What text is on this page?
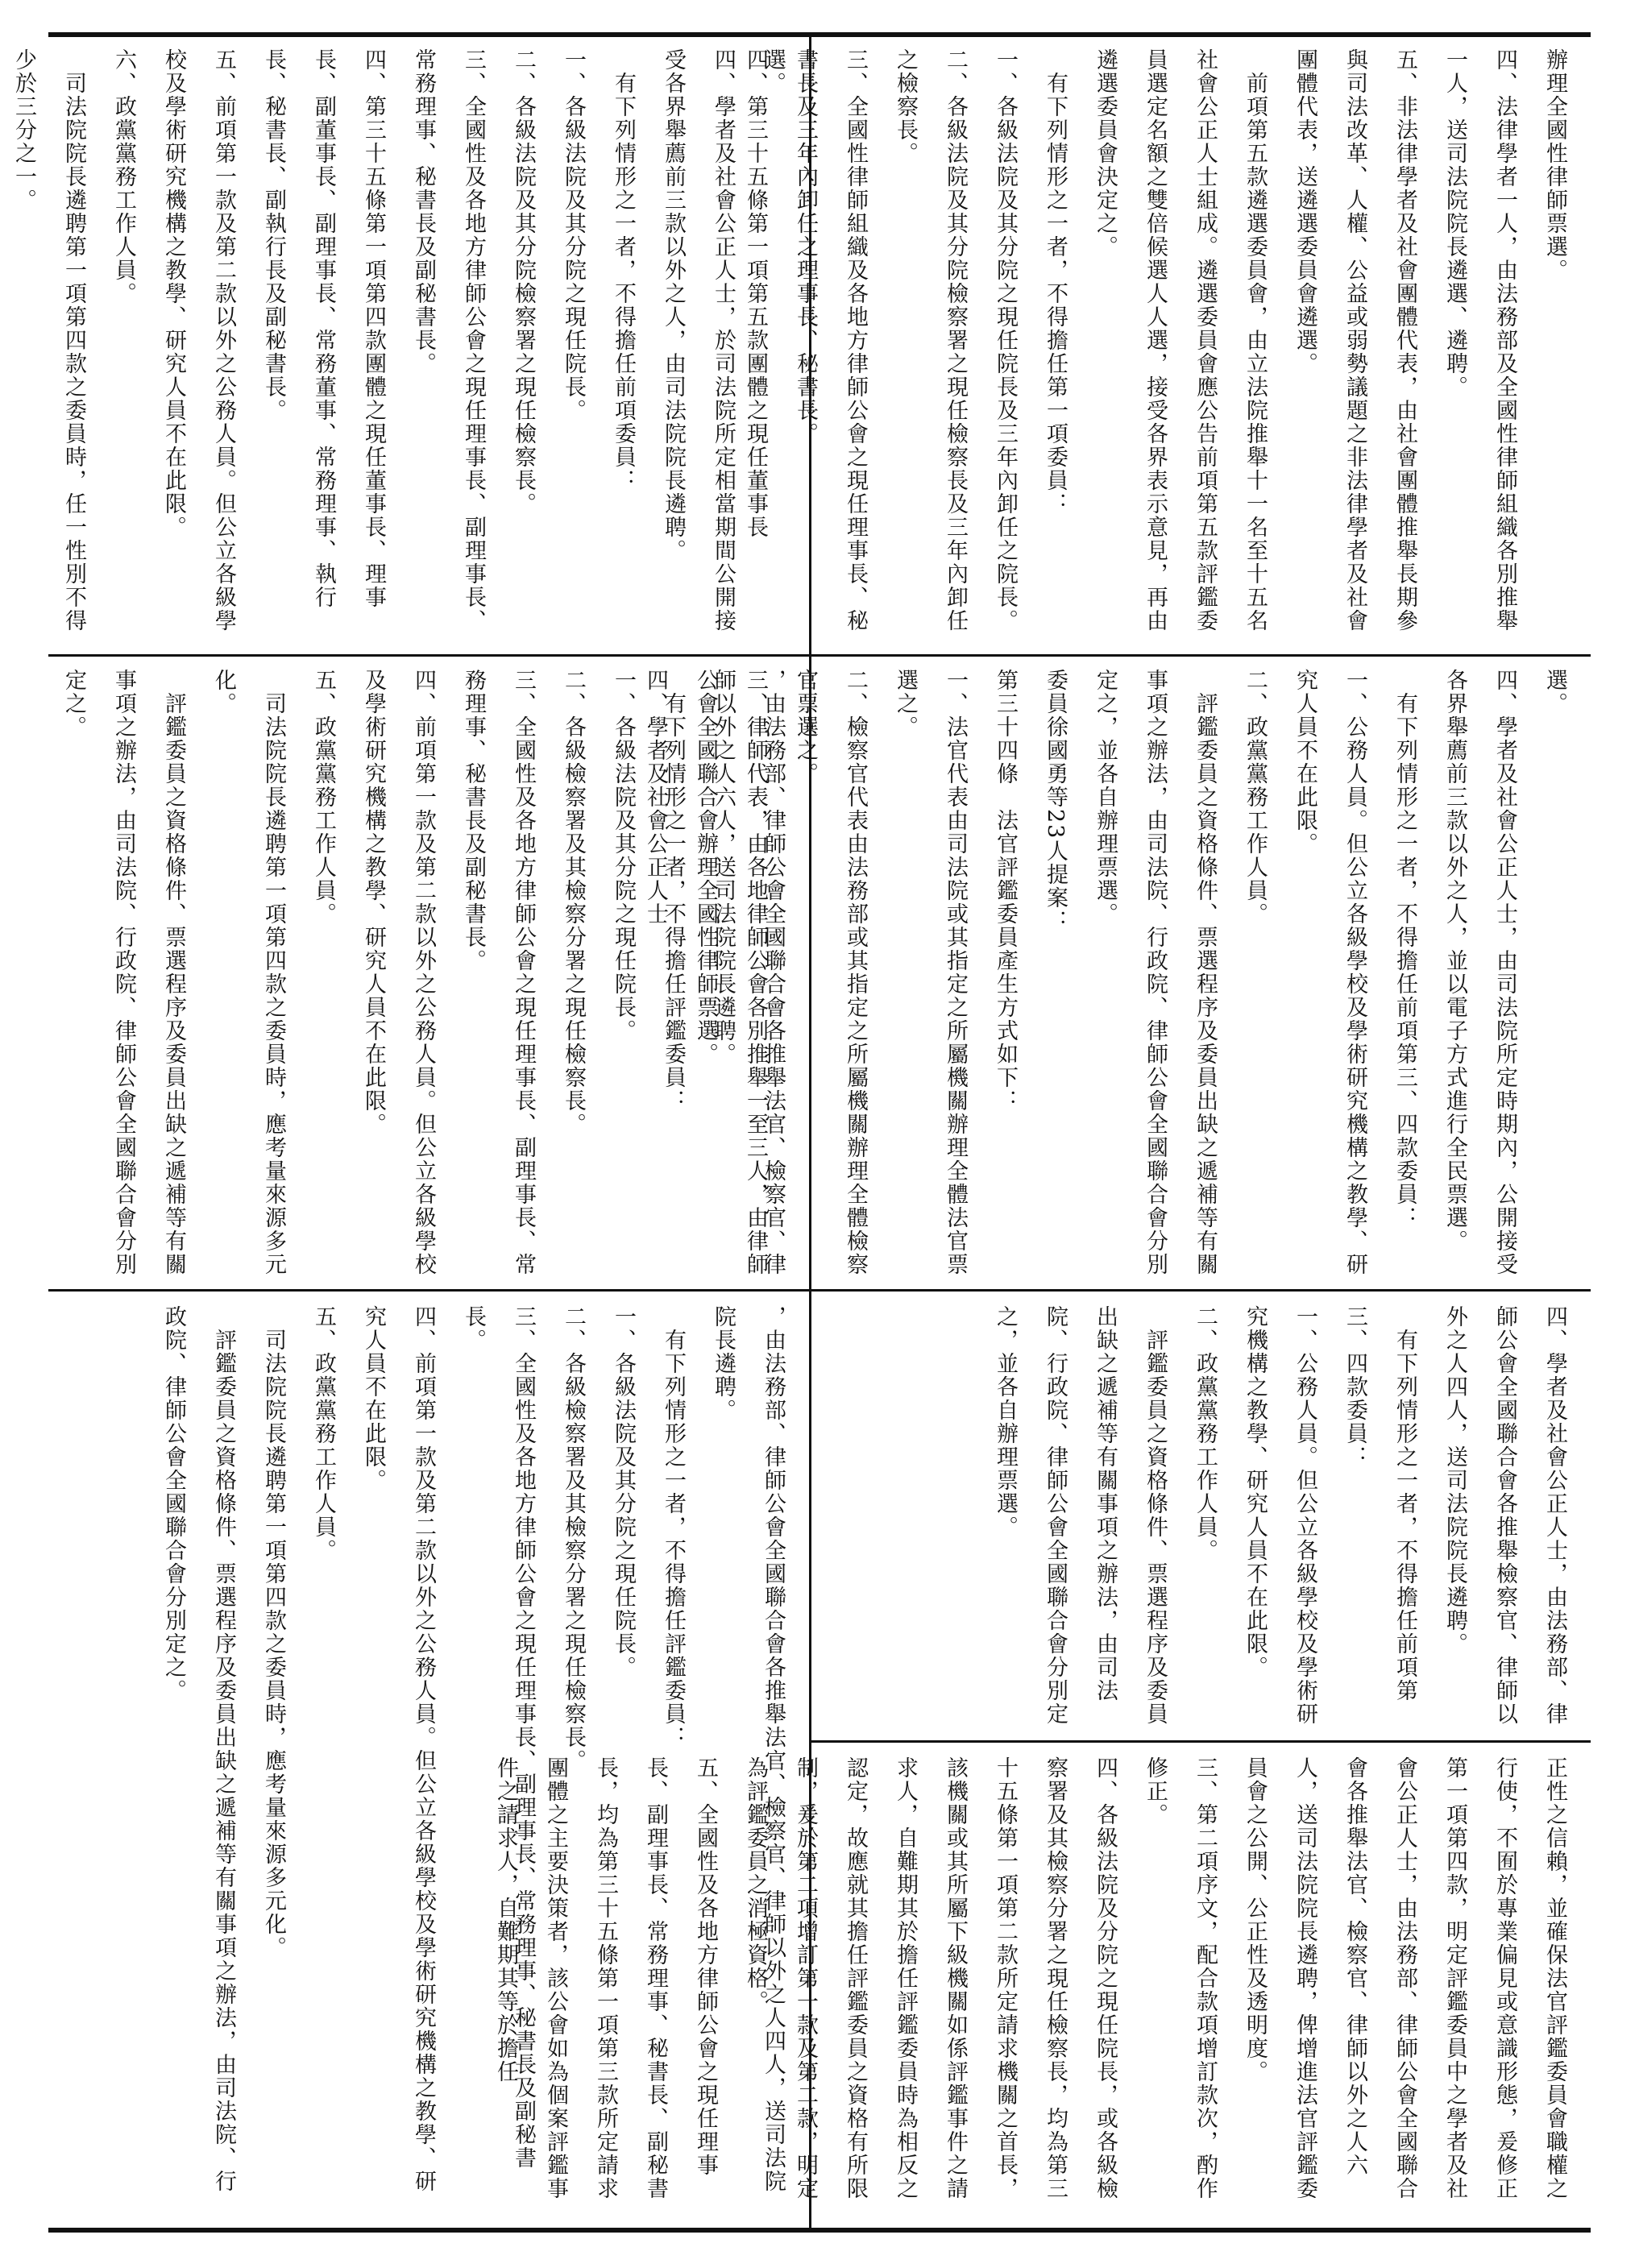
選。
四、學者及社會公正人士，於司法院所定相當期間公開接受各界舉薦前三款以外之人，由司法院院長遴聘。
　有下列情形之一者，不得擔任前項委員：
一、各級法院及其分院之現任院長。
二、各級法院及其分院檢察署之現任檢察長。
三、全國性及各地方律師公會之現任理事長、副理事長、常務理事、秘書長及副秘書長。
四、第三十五條第一項第四款團體之現任董事長、理事長、副董事長、副理事長、常務董事、常務理事、執行長、秘書長、副執行長及副秘書長。
五、前項第一款及第二款以外之公務人員。但公立各級學校及學術研究機構之教學、研究人員不在此限。
六、政黨黨務工作人員。
　司法院院長遴聘第一項第四款之委員時，任一性別不得少於三分之一。

，由法務部、律師公會全國聯合會各推舉法官、檢察官、律師以外之人六人，送司法院院長遴聘。
　有下列情形之一者，不得擔任評鑑委員：
一、各級法院及其分院之現任院長。
二、各級檢察署及其檢察分署之現任檢察長。
三、全國性及各地方律師公會之現任理事長、副理事長、常務理事、秘書長及副秘書長。
四、前項第一款及第二款以外之公務人員。但公立各級學校及學術研究機構之教學、研究人員不在此限。
五、政黨黨務工作人員。
　司法院院長遴聘第一項第四款之委員時，應考量來源多元化。
　評鑑委員之資格條件、票選程序及委員出缺之遞補等有關事項之辦法，由司法院、行政院、律師公會全國聯合會分別定之。

，由法務部、律師公會全國聯合會各推舉法官、檢察官、律師以外之人四人，送司法院院長遴聘。
　有下列情形之一者，不得擔任評鑑委員：
一、各級法院及其分院之現任院長。
二、各級檢察署及其檢察分署之現任檢察長。
三、全國性及各地方律師公會之現任理事長、副理事長、常務理事、秘書長及副秘書長。
四、前項第一款及第二款以外之公務人員。但公立各級學校及學術研究機構之教學、研究人員不在此限。
五、政黨黨務工作人員。
　司法院院長遴聘第一項第四款之委員時，應考量來源多元化。
　評鑑委員之資格條件、票選程序及委員出缺之遞補等有關事項之辦法，由司法院、行政院、律師公會全國聯合會分別定之。

辦理全國性律師票選。
四、法律學者一人，由法務部及全國性律師組織各別推舉一人，送司法院院長遴選、遴聘。
五、非法律學者及社會團體代表，由社會團體推舉長期參與司法改革、人權、公益或弱勢議題之非法律學者及社會團體代表，送遴選委員會遴選。
　前項第五款遴選委員會，由立法院推舉十一名至十五名社會公正人士組成。遴選委員會應公告前項第五款評鑑委員選定名額之雙倍候選人人選，接受各界表示意見，再由遴選委員會決定之。
　有下列情形之一者，不得擔任第一項委員：
一、各級法院及其分院之現任院長及三年內卸任之院長。
二、各級法院及其分院檢察署之現任檢察長及三年內卸任之檢察長。
三、全國性律師組織及各地方律師公會之現任理事長、秘書長及三年內卸任之理事長、秘書長。
四、第三十五條第一項第五款團體之現任董事長

選。
四、學者及社會公正人士，由司法院所定時期內，公開接受各界舉薦前三款以外之人，並以電子方式進行全民票選。
　有下列情形之一者，不得擔任前項第三、四款委員：
一、公務人員。但公立各級學校及學術研究機構之教學、研究人員不在此限。
二、政黨黨務工作人員。
　評鑑委員之資格條件、票選程序及委員出缺之遞補等有關事項之辦法，由司法院、行政院、律師公會全國聯合會分別定之，並各自辦理票選。
委員徐國勇等23人提案：
第三十四條　法官評鑑委員產生方式如下：
一、法官代表由司法院或其指定之所屬機關辦理全體法官票選之。
二、檢察官代表由法務部或其指定之所屬機關辦理全體檢察官票選之。
三、律師代表，由各地律師公會各別推舉一至三人，由律師公會全國聯合會辦理全國性律師票選。
四、學者及社會公正人士

四、學者及社會公正人士，由法務部、律師公會全國聯合會各推舉檢察官、律師以外之人四人，送司法院院長遴聘。
　有下列情形之一者，不得擔任前項第三、四款委員：
一、公務人員。但公立各級學校及學術研究機構之教學、研究人員不在此限。
二、政黨黨務工作人員。
　評鑑委員之資格條件、票選程序及委員出缺之遞補等有關事項之辦法，由司法院、行政院、律師公會全國聯合會分別定之，並各自辦理票選。

正性之信賴，並確保法官評鑑委員會職權之行使，不囿於專業偏見或意識形態，爰修正第一項第四款，明定評鑑委員中之學者及社會公正人士，由法務部、律師公會全國聯合會各推舉法官、檢察官、律師以外之人六人，送司法院院長遴聘，俾增進法官評鑑委員會之公開、公正性及透明度。
三、第二項序文，配合款項增訂款次，酌作修正。
四、各級法院及分院之現任院長，或各級檢察署及其檢察分署之現任檢察長，均為第三十五條第一項第二款所定請求機關之首長，該機關或其所屬下級機關如係評鑑事件之請求人，自難期其於擔任評鑑委員時為相反之認定，故應就其擔任評鑑委員之資格有所限制，爰於第二項增訂第一款及第二款，明定為評鑑委員之消極資格。
五、全國性及各地方律師公會之現任理事長、副理事長、常務理事、秘書長、副秘書長，均為第三十五條第一項第三款所定請求團體之主要決策者，該公會如為個案評鑑事件之請求人，自難期其等於擔任
